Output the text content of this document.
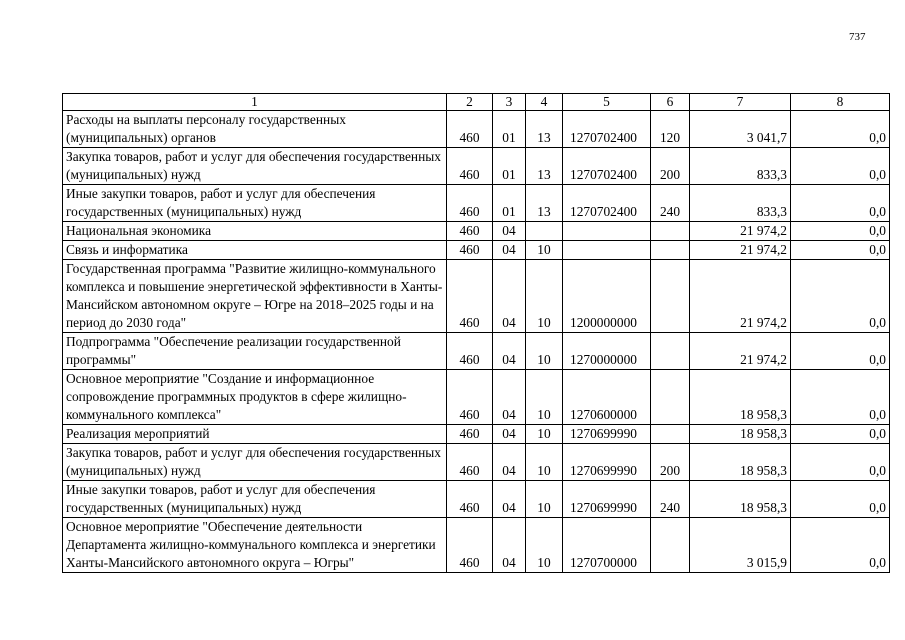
737
1	2	3	4	5	6	7	8
Расходы на выплаты персоналу государственных (муниципальных) органов	460	01	13	1270702400	120	3 041,7	0,0
Закупка товаров, работ и услуг для обеспечения государственных (муниципальных) нужд	460	01	13	1270702400	200	833,3	0,0
Иные закупки товаров, работ и услуг для обеспечения государственных (муниципальных) нужд	460	01	13	1270702400	240	833,3	0,0
Национальная экономика	460	04				21 974,2	0,0
Связь и информатика	460	04	10			21 974,2	0,0
Государственная программа "Развитие жилищно-коммунального комплекса и повышение энергетической эффективности в Ханты-Мансийском автономном округе – Югре на 2018–2025 годы и на период до 2030 года"	460	04	10	1200000000		21 974,2	0,0
Подпрограмма "Обеспечение реализации государственной программы"	460	04	10	1270000000		21 974,2	0,0
Основное мероприятие "Создание и информационное сопровождение программных продуктов в сфере жилищно-коммунального комплекса"	460	04	10	1270600000		18 958,3	0,0
Реализация мероприятий	460	04	10	1270699990		18 958,3	0,0
Закупка товаров, работ и услуг для обеспечения государственных (муниципальных) нужд	460	04	10	1270699990	200	18 958,3	0,0
Иные закупки товаров, работ и услуг для обеспечения государственных (муниципальных) нужд	460	04	10	1270699990	240	18 958,3	0,0
Основное мероприятие "Обеспечение деятельности Департамента жилищно-коммунального комплекса и энергетики Ханты-Мансийского автономного округа – Югры"	460	04	10	1270700000		3 015,9	0,0
